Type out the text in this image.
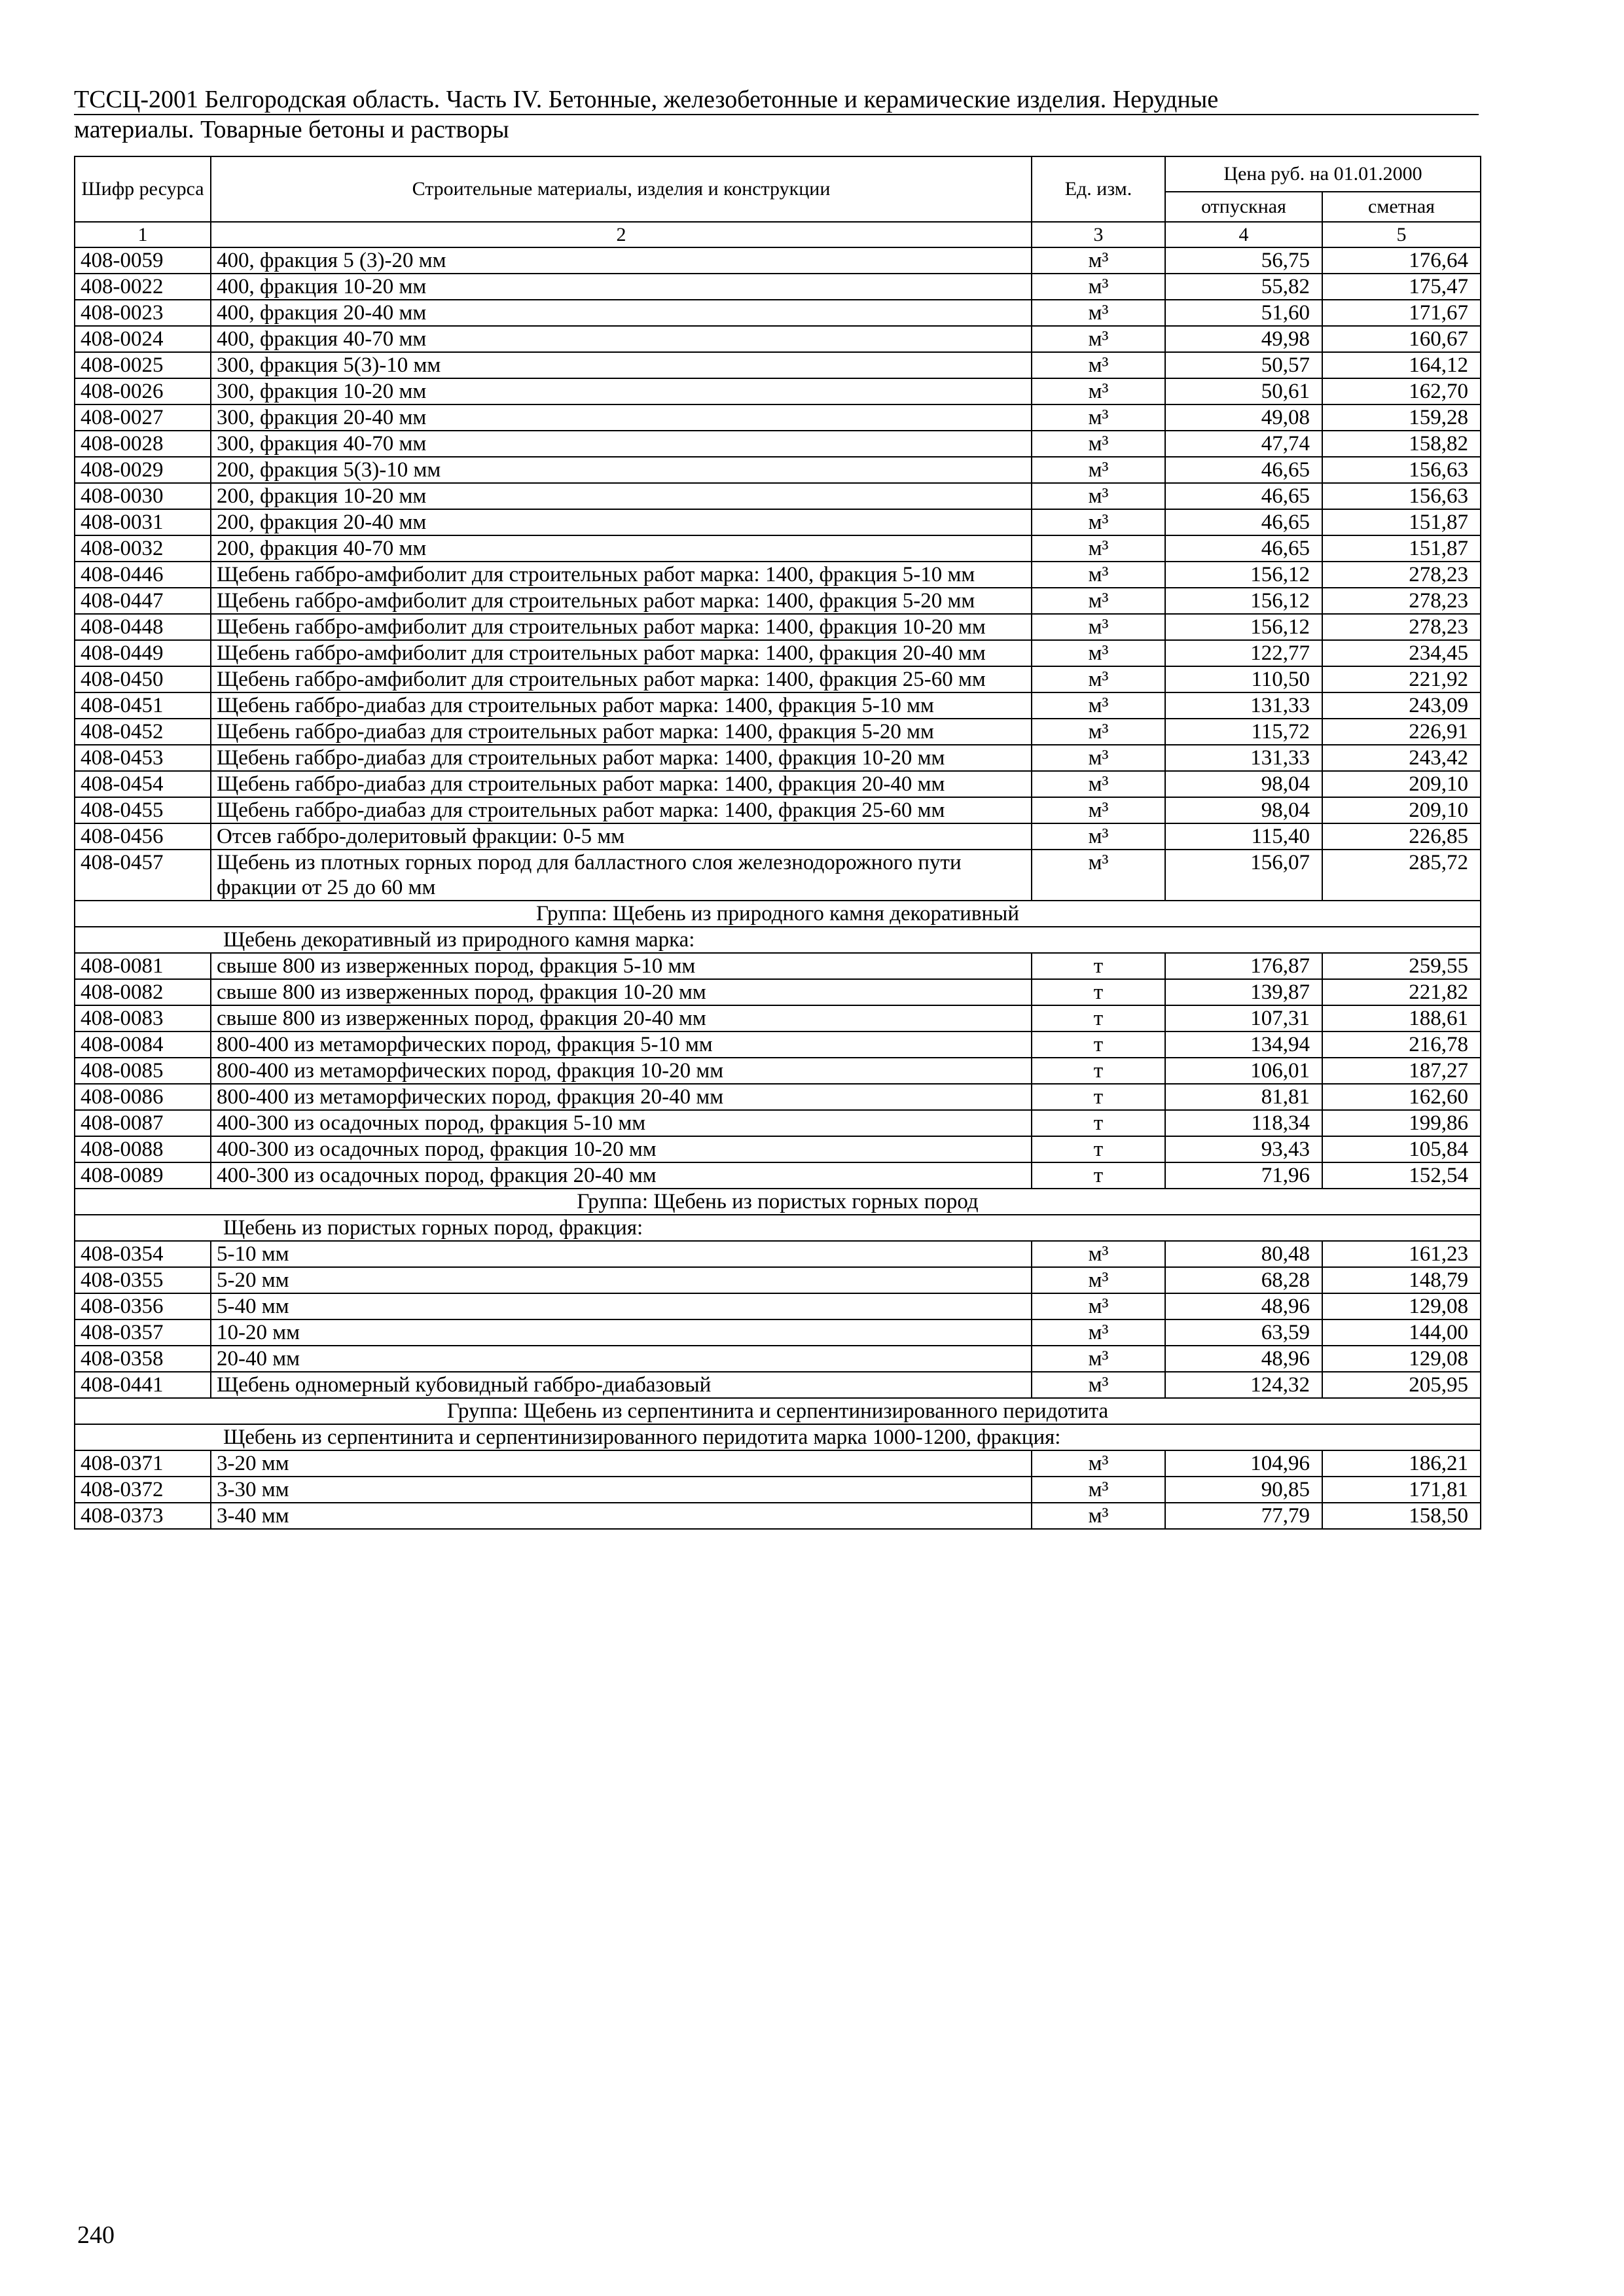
ТССЦ-2001 Белгородская область. Часть IV. Бетонные, железобетонные и керамические изделия. Нерудные
материалы. Товарные бетоны и растворы
Шифр ресурса	Строительные материалы, изделия и конструкции	Ед. изм.	Цена руб. на 01.01.2000	
			отпускная	сметная
1	2	3	4	5
408-0059	400, фракция 5 (3)-20 мм	м³	56,75	176,64
408-0022	400, фракция 10-20 мм	м³	55,82	175,47
408-0023	400, фракция 20-40 мм	м³	51,60	171,67
408-0024	400, фракция 40-70 мм	м³	49,98	160,67
408-0025	300, фракция 5(3)-10 мм	м³	50,57	164,12
408-0026	300, фракция 10-20 мм	м³	50,61	162,70
408-0027	300, фракция 20-40 мм	м³	49,08	159,28
408-0028	300, фракция 40-70 мм	м³	47,74	158,82
408-0029	200, фракция 5(3)-10 мм	м³	46,65	156,63
408-0030	200, фракция 10-20 мм	м³	46,65	156,63
408-0031	200, фракция 20-40 мм	м³	46,65	151,87
408-0032	200, фракция 40-70 мм	м³	46,65	151,87
408-0446	Щебень габбро-амфиболит для строительных работ марка: 1400, фракция 5-10 мм	м³	156,12	278,23
408-0447	Щебень габбро-амфиболит для строительных работ марка: 1400, фракция 5-20 мм	м³	156,12	278,23
408-0448	Щебень габбро-амфиболит для строительных работ марка: 1400, фракция 10-20 мм	м³	156,12	278,23
408-0449	Щебень габбро-амфиболит для строительных работ марка: 1400, фракция 20-40 мм	м³	122,77	234,45
408-0450	Щебень габбро-амфиболит для строительных работ марка: 1400, фракция 25-60 мм	м³	110,50	221,92
408-0451	Щебень габбро-диабаз для строительных работ марка: 1400, фракция 5-10 мм	м³	131,33	243,09
408-0452	Щебень габбро-диабаз для строительных работ марка: 1400, фракция 5-20 мм	м³	115,72	226,91
408-0453	Щебень габбро-диабаз для строительных работ марка: 1400, фракция 10-20 мм	м³	131,33	243,42
408-0454	Щебень габбро-диабаз для строительных работ марка: 1400, фракция 20-40 мм	м³	98,04	209,10
408-0455	Щебень габбро-диабаз для строительных работ марка: 1400, фракция 25-60 мм	м³	98,04	209,10
408-0456	Отсев габбро-долеритовый фракции: 0-5 мм	м³	115,40	226,85
408-0457	Щебень из плотных горных пород для балластного слоя железнодорожного пути фракции от 25 до 60 мм	м³	156,07	285,72
Группа: Щебень из природного камня декоративный				
Щебень декоративный из природного камня марка:				
408-0081	свыше 800 из изверженных пород, фракция 5-10 мм	т	176,87	259,55
408-0082	свыше 800 из изверженных пород, фракция 10-20 мм	т	139,87	221,82
408-0083	свыше 800 из изверженных пород, фракция 20-40 мм	т	107,31	188,61
408-0084	800-400 из метаморфических пород, фракция 5-10 мм	т	134,94	216,78
408-0085	800-400 из метаморфических пород, фракция 10-20 мм	т	106,01	187,27
408-0086	800-400 из метаморфических пород, фракция 20-40 мм	т	81,81	162,60
408-0087	400-300 из осадочных пород, фракция 5-10 мм	т	118,34	199,86
408-0088	400-300 из осадочных пород, фракция 10-20 мм	т	93,43	105,84
408-0089	400-300 из осадочных пород, фракция 20-40 мм	т	71,96	152,54
Группа: Щебень из пористых горных пород				
Щебень из пористых горных пород, фракция:				
408-0354	5-10 мм	м³	80,48	161,23
408-0355	5-20 мм	м³	68,28	148,79
408-0356	5-40 мм	м³	48,96	129,08
408-0357	10-20 мм	м³	63,59	144,00
408-0358	20-40 мм	м³	48,96	129,08
408-0441	Щебень одномерный кубовидный габбро-диабазовый	м³	124,32	205,95
Группа: Щебень из серпентинита и серпентинизированного перидотита				
Щебень из серпентинита и серпентинизированного перидотита марка 1000-1200, фракция:				
408-0371	3-20 мм	м³	104,96	186,21
408-0372	3-30 мм	м³	90,85	171,81
408-0373	3-40 мм	м³	77,79	158,50
240
